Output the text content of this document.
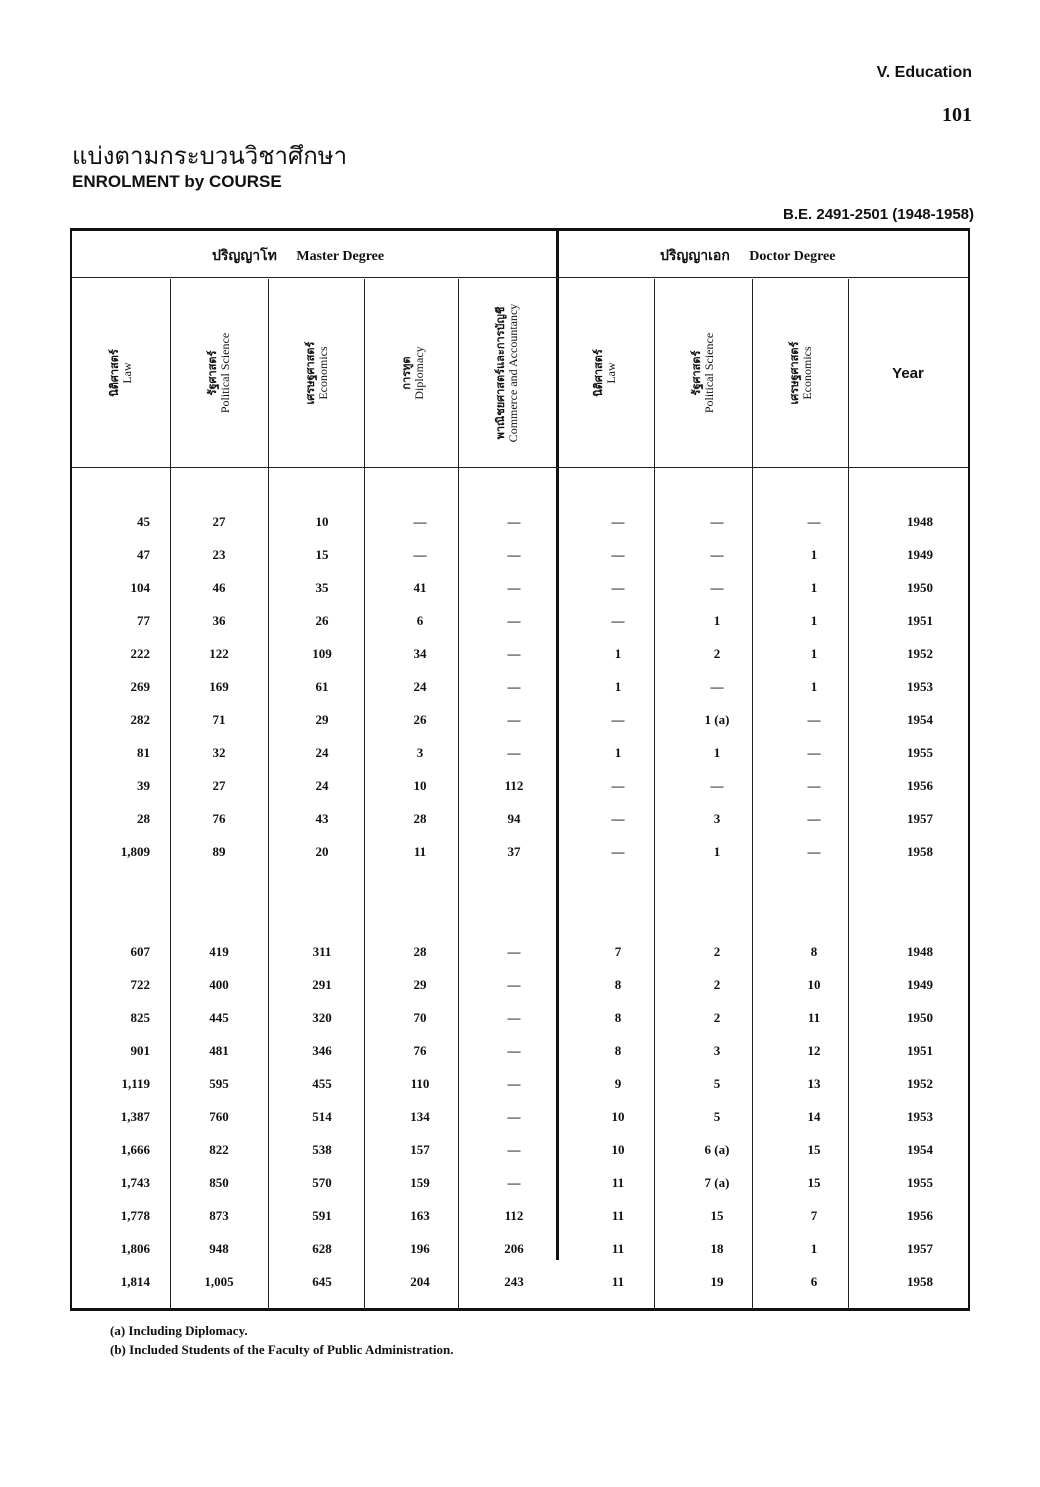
V. Education
101
แบ่งตามกระบวนวิชาศึกษา
ENROLMENT by COURSE
B.E. 2491-2501 (1948-1958)
ปริญญาโท Master Degree	ปริญญาเอก Doctor Degree
นิติศาสตร์ Law	รัฐศาสตร์ Political Science	เศรษฐศาสตร์ Economics	การทูต Diplomacy	พาณิชยศาสตร์และการบัญชี Commerce and Accountancy	นิติศาสตร์ Law	รัฐศาสตร์ Political Science	เศรษฐศาสตร์ Economics	Year
45	27	10	—	—	—	—	—	1948
47	23	15	—	—	—	—	1	1949
104	46	35	41	—	—	—	1	1950
77	36	26	6	—	—	1	1	1951
222	122	109	34	—	1	2	1	1952
269	169	61	24	—	1	—	1	1953
282	71	29	26	—	—	1 (a)	—	1954
81	32	24	3	—	1	1	—	1955
39	27	24	10	112	—	—	—	1956
28	76	43	28	94	—	3	—	1957
1,809	89	20	11	37	—	1	—	1958
607	419	311	28	—	7	2	8	1948
722	400	291	29	—	8	2	10	1949
825	445	320	70	—	8	2	11	1950
901	481	346	76	—	8	3	12	1951
1,119	595	455	110	—	9	5	13	1952
1,387	760	514	134	—	10	5	14	1953
1,666	822	538	157	—	10	6 (a)	15	1954
1,743	850	570	159	—	11	7 (a)	15	1955
1,778	873	591	163	112	11	15	7	1956
1,806	948	628	196	206	11	18	1	1957
1,814	1,005	645	204	243	11	19	6	1958
(a) Including Diplomacy.
(b) Included Students of the Faculty of Public Administration.
